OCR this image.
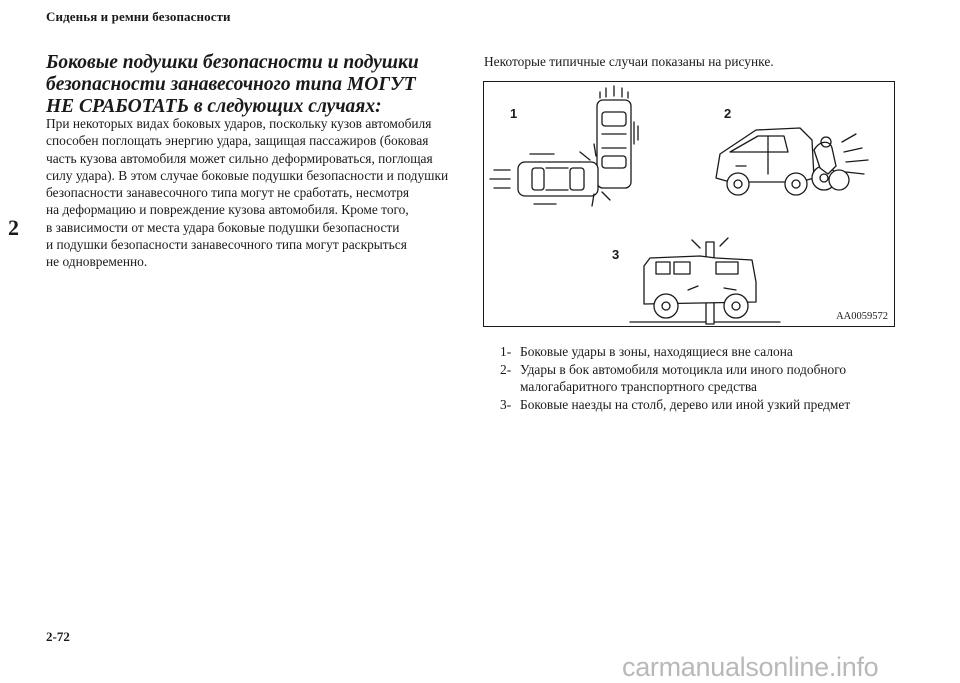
Сиденья и ремни безопасности
2
Боковые подушки безопасности и подушки
безопасности занавесочного типа МОГУТ
НЕ СРАБОТАТЬ в следующих случаях:
При некоторых видах боковых ударов, поскольку кузов автомобиля
способен поглощать энергию удара, защищая пассажиров (боковая
часть кузова автомобиля может сильно деформироваться, поглощая
силу удара). В этом случае боковые подушки безопасности и подушки
безопасности занавесочного типа могут не сработать, несмотря
на деформацию и повреждение кузова автомобиля. Кроме того,
в зависимости от места удара боковые подушки безопасности
и подушки безопасности занавесочного типа могут раскрыться
не одновременно.
Некоторые типичные случаи показаны на рисунке.
1	2
3
AA0059572
1- Боковые удары в зоны, находящиеся вне салона
2- Удары в бок автомобиля мотоцикла или иного подобного
малогабаритного транспортного средства
3- Боковые наезды на столб, дерево или иной узкий предмет
2-72
carmanualsonline.info
